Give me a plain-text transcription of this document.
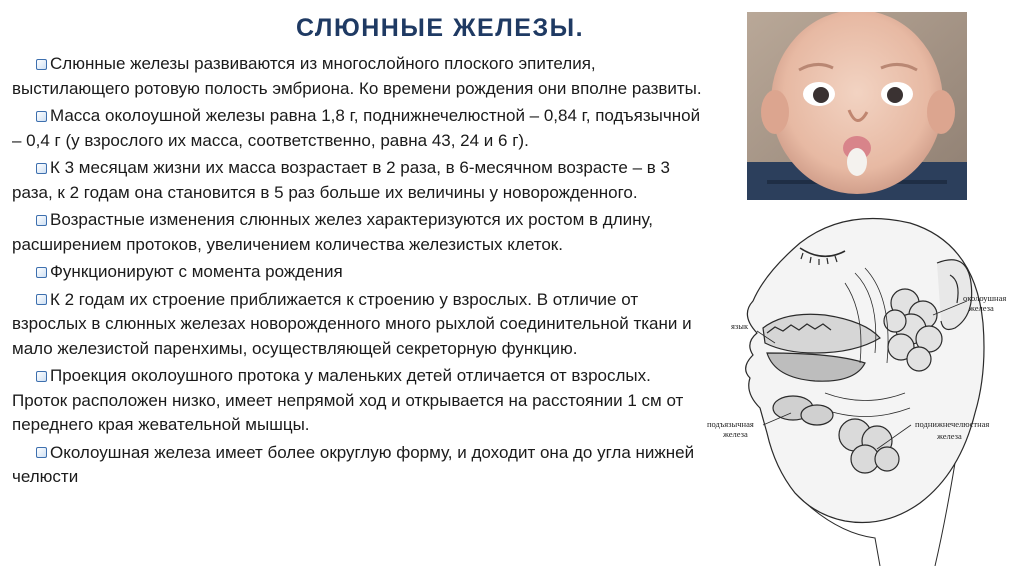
СЛЮННЫЕ ЖЕЛЕЗЫ.
Слюнные железы развиваются из многослойного плоского эпителия, выстилающего ротовую полость эмбриона. Ко времени рождения они вполне развиты.
Масса околоушной железы равна 1,8 г, поднижнечелюстной – 0,84 г, подъязычной – 0,4 г (у взрослого их масса, соответственно, равна 43, 24 и 6 г).
К 3 месяцам жизни их масса возрастает в 2 раза, в 6-месячном возрасте – в 3 раза, к 2 годам она становится в 5 раз больше их величины у новорожденного.
Возрастные изменения слюнных желез характеризуются их ростом в длину, расширением протоков, увеличением количества железистых клеток.
Функционируют с момента рождения
К 2 годам их строение приближается к строению у взрослых. В отличие от взрослых в слюнных железах новорожденного много рыхлой соединительной ткани и мало железистой паренхимы, осуществляющей секреторную функцию.
Проекция околоушного протока у маленьких детей отличается от взрослых. Проток расположен низко, имеет непрямой ход и открывается на расстоянии 1 см от переднего края жевательной мышцы.
Околоушная железа имеет более округлую форму, и доходит она до угла нижней челюсти
околоушная
железа
язык
подъязычная
железа
поднижнечелюстная
железа
